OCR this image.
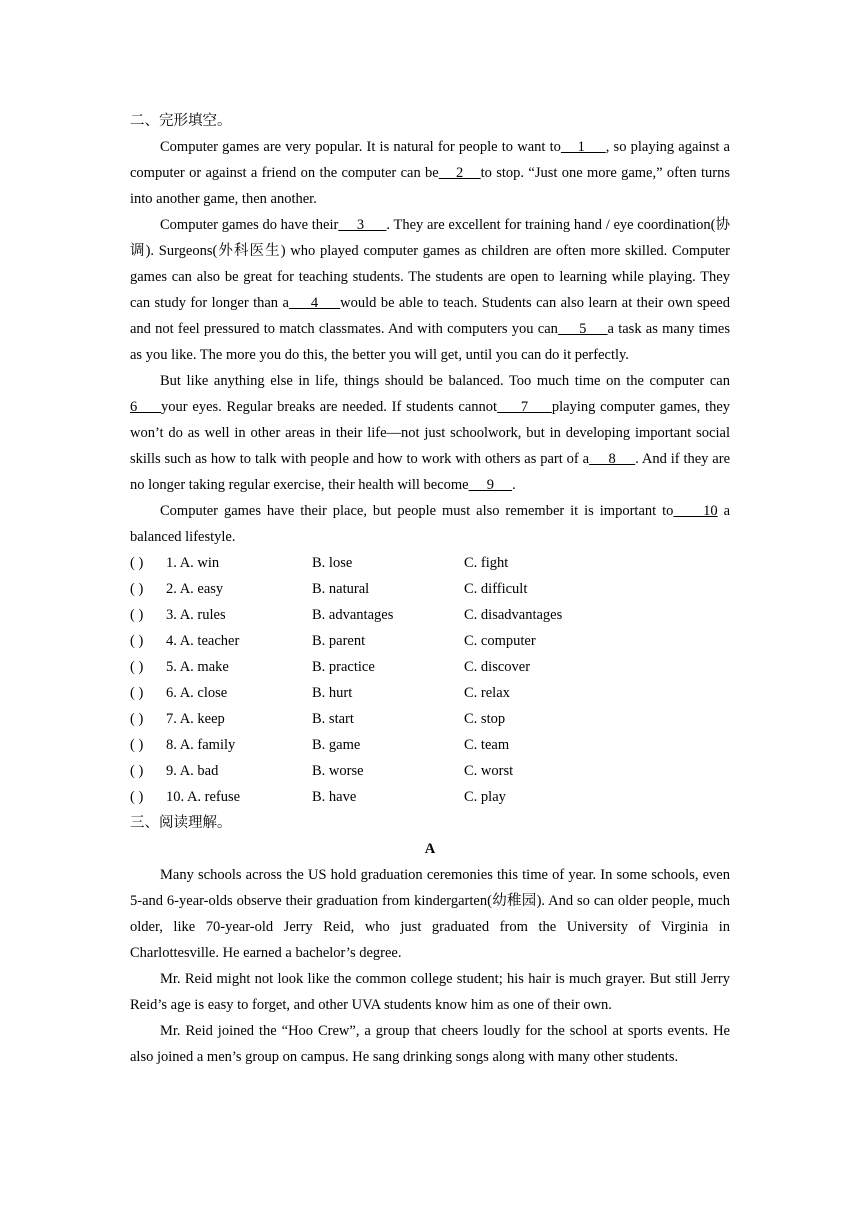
二、完形填空。

Computer games are very popular. It is natural for people to want to    1     , so playing against a computer or against a friend on the computer can be    2    to stop. “Just one more game,” often turns into another game, then another.

Computer games do have their     3      . They are excellent for training hand / eye coordination(协调). Surgeons(外科医生) who played computer games as children are often more skilled. Computer games can also be great for teaching students. The students are open to learning while playing. They can study for longer than a     4     would be able to teach. Students can also learn at their own speed and not feel pressured to match classmates. And with computers you can     5     a task as many times as you like. The more you do this, the better you will get, until you can do it perfectly.

But like anything else in life, things should be balanced. Too much time on the computer can 6     your eyes. Regular breaks are needed. If students cannot     7     playing computer games, they won’t do as well in other areas in their life—not just schoolwork, but in developing important social skills such as how to talk with people and how to work with others as part of a     8     . And if they are no longer taking regular exercise, their health will become     9     .

Computer games have their place, but people must also remember it is important to     10 a balanced lifestyle.

( ) 1. A. win	B. lose	C. fight
( ) 2. A. easy	B. natural	C. difficult
( ) 3. A. rules	B. advantages	C. disadvantages
( ) 4. A. teacher	B. parent	C. computer
( ) 5. A. make	B. practice	C. discover
( ) 6. A. close	B. hurt	C. relax
( ) 7. A. keep	B. start	C. stop
( ) 8. A. family	B. game	C. team
( ) 9. A. bad	B. worse	C. worst
( ) 10. A. refuse	B. have	C. play
三、阅读理解。
A

Many schools across the US hold graduation ceremonies this time of year. In some schools, even 5-and 6-year-olds observe their graduation from kindergarten(幼稚园). And so can older people, much older, like 70-year-old Jerry Reid, who just graduated from the University of Virginia in Charlottesville. He earned a bachelor’s degree.

Mr. Reid might not look like the common college student; his hair is much grayer. But still Jerry Reid’s age is easy to forget, and other UVA students know him as one of their own.

Mr. Reid joined the “Hoo Crew”, a group that cheers loudly for the school at sports events. He also joined a men’s group on campus. He sang drinking songs along with many other students.
